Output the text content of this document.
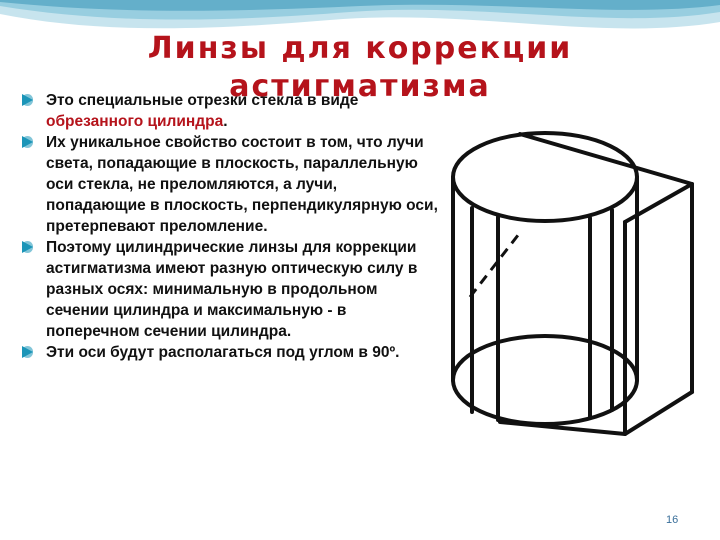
Линзы для коррекции
астигматизма
Это специальные отрезки стекла в виде обрезанного цилиндра.
Их уникальное свойство состоит в том, что лучи света, попадающие в плоскость, параллельную оси стекла, не преломляются, а лучи, попадающие в плоскость, перпендикулярную оси, претерпевают преломление.
Поэтому цилиндрические линзы для коррекции астигматизма имеют разную оптическую силу в разных осях: минимальную в продольном сечении цилиндра и максимальную - в поперечном сечении цилиндра.
Эти оси будут располагаться под углом в 90º.
16
